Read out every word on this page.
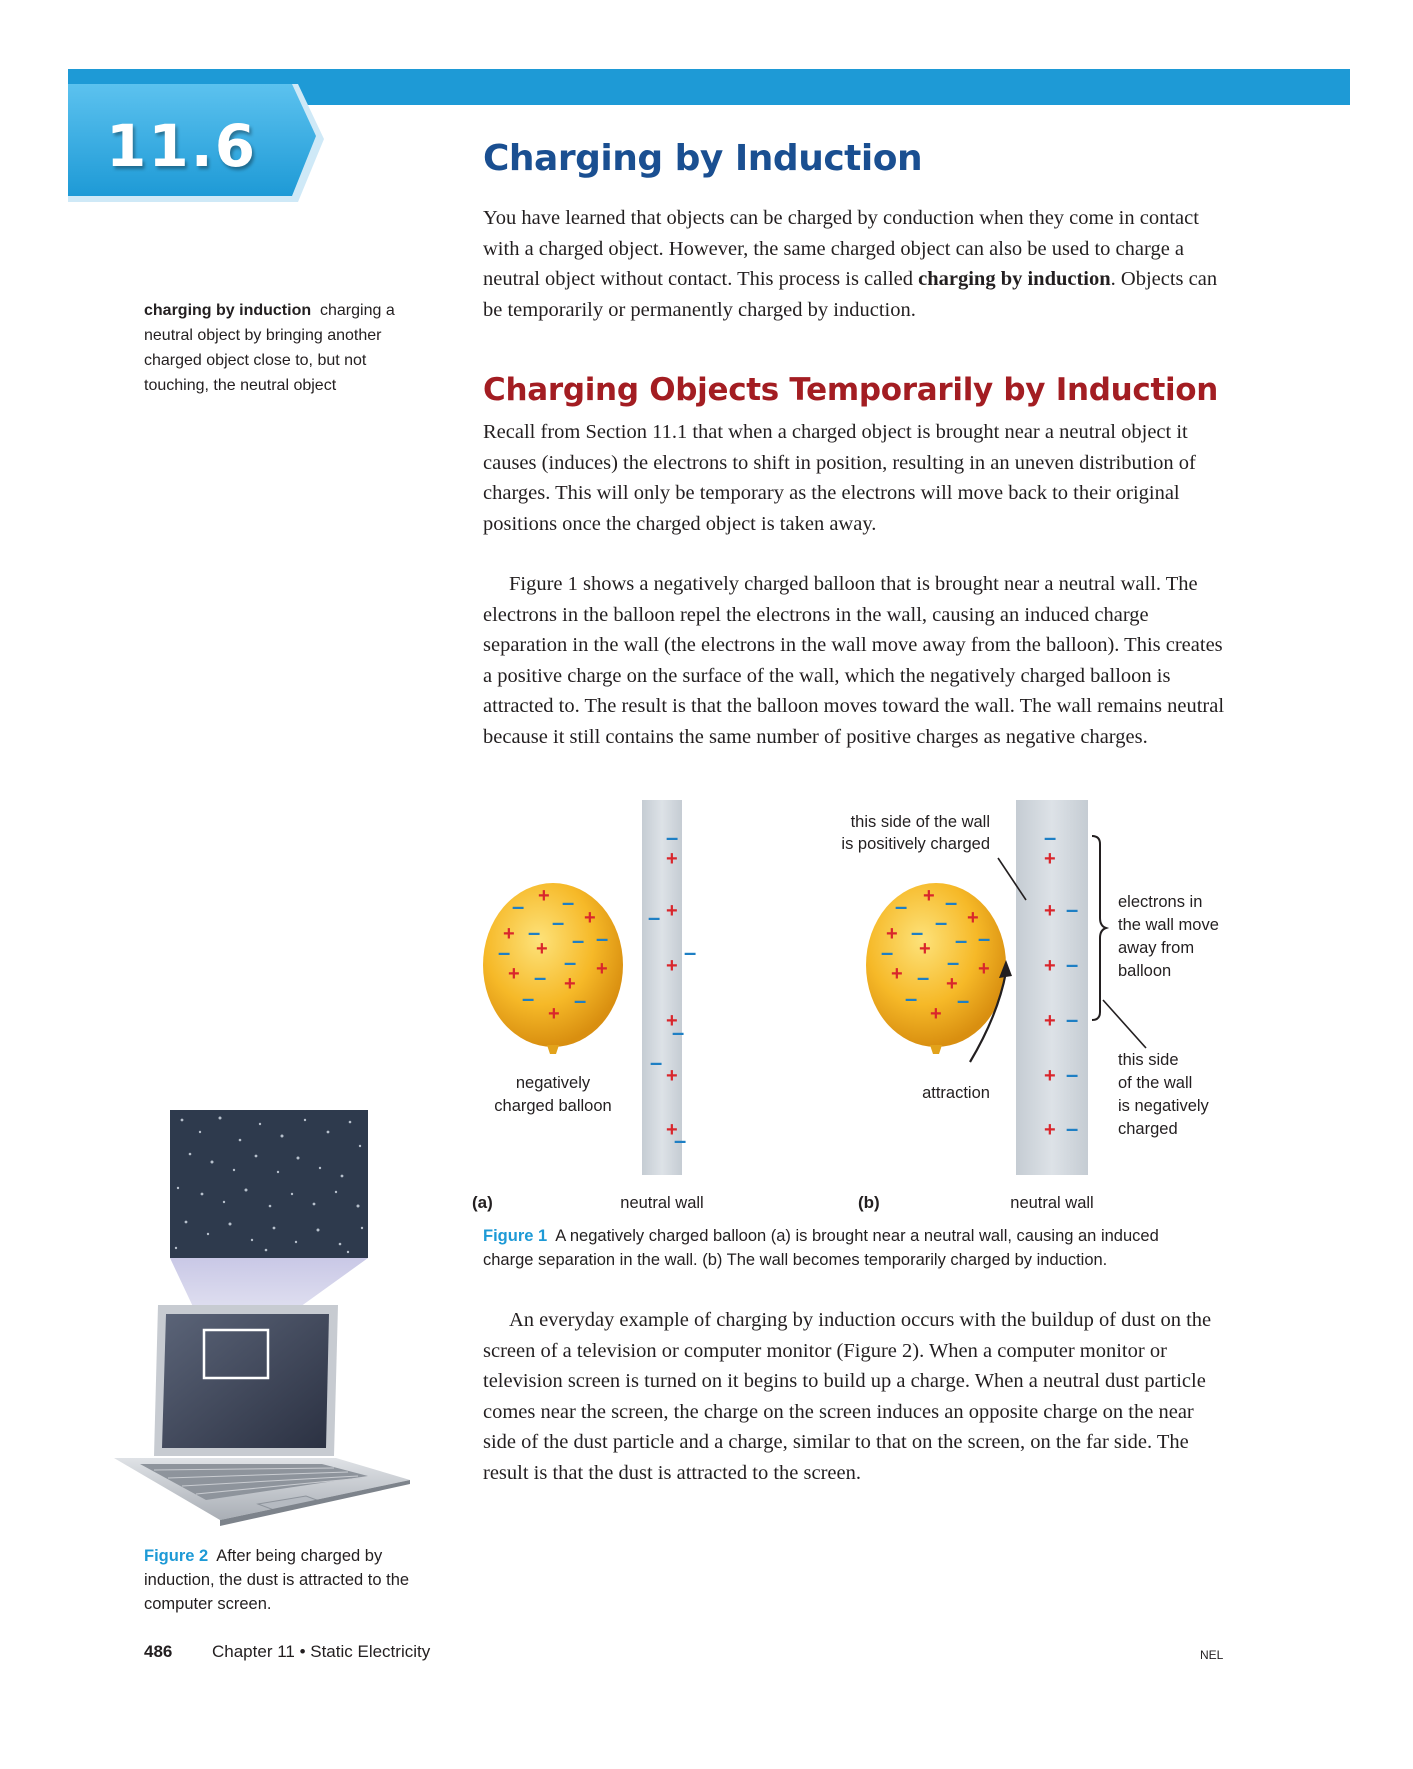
11.6	Charging by Induction

charging by induction charging a neutral object by bringing another charged object close to, but not touching, the neutral object

You have learned that objects can be charged by conduction when they come in contact with a charged object. However, the same charged object can also be used to charge a neutral object without contact. This process is called charging by induction. Objects can be temporarily or permanently charged by induction.

Charging Objects Temporarily by Induction

Recall from Section 11.1 that when a charged object is brought near a neutral object it causes (induces) the electrons to shift in position, resulting in an uneven distribution of charges. This will only be temporary as the electrons will move back to their original positions once the charged object is taken away.

Figure 1 shows a negatively charged balloon that is brought near a neutral wall. The electrons in the balloon repel the electrons in the wall, causing an induced charge separation in the wall (the electrons in the wall move away from the balloon). This creates a positive charge on the surface of the wall, which the negatively charged balloon is attracted to. The result is that the balloon moves toward the wall. The wall remains neutral because it still contains the same number of positive charges as negative charges.

+
+
+
+
+	+
+
+
– –
–
– – –
– –
–
– –
negatively
charged balloon
+
+
+
+
+
+
–
–
–
–
–
–
(a)	neutral wall
+
+
+
+
+	+
+
+
– –
–
– – –
– –
–
– –
+
+
+
+
+
+
–
–
–
–
–
–
this side of the wall
is positively charged
electrons in
the wall move
away from
balloon
this side
of the wall
is negatively
charged
attraction
(b)	neutral wall

Figure 1 A negatively charged balloon (a) is brought near a neutral wall, causing an induced charge separation in the wall. (b) The wall becomes temporarily charged by induction.

An everyday example of charging by induction occurs with the buildup of dust on the screen of a television or computer monitor (Figure 2). When a computer monitor or television screen is turned on it begins to build up a charge. When a neutral dust particle comes near the screen, the charge on the screen induces an opposite charge on the near side of the dust particle and a charge, similar to that on the screen, on the far side. The result is that the dust is attracted to the screen.

Figure 2 After being charged by induction, the dust is attracted to the computer screen.

486 Chapter 11 • Static Electricity	NEL
